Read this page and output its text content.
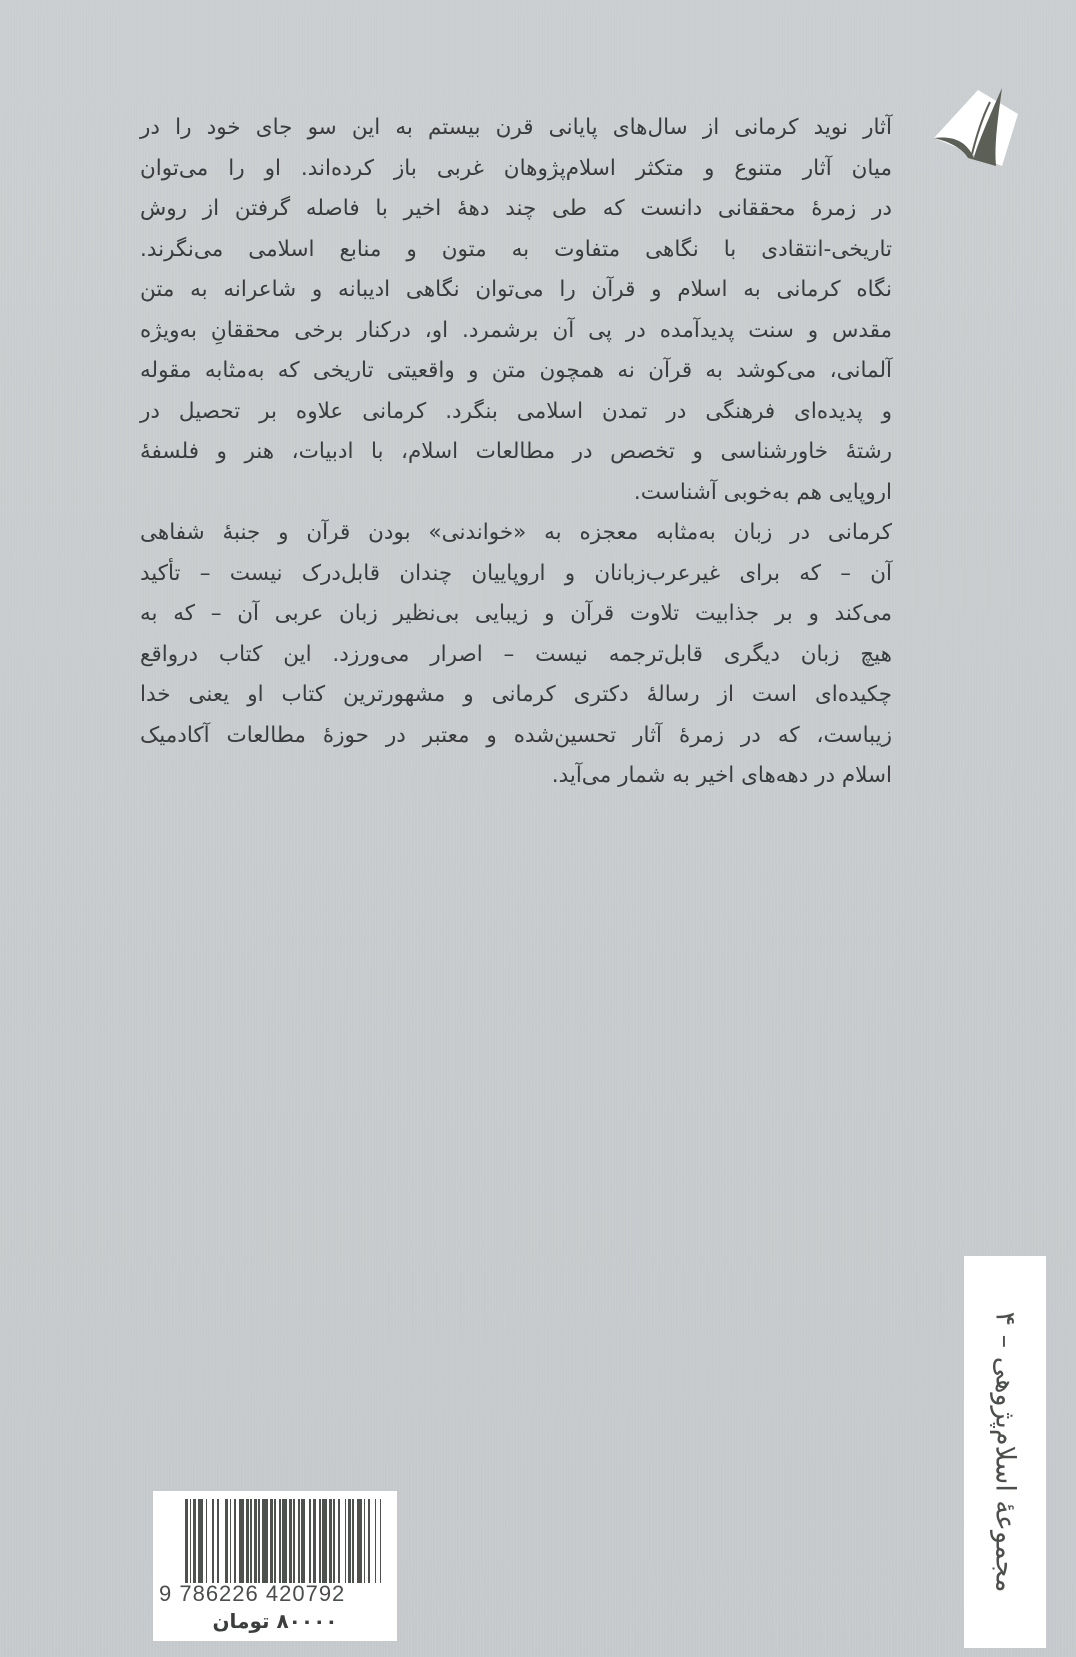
آثار نوید کرمانی از سال‌های پایانی قرن بیستم به این سو جای خود را در
میان آثار متنوع و متکثر اسلام‌پژوهان غربی باز کرده‌اند. او را می‌توان
در زمرهٔ محققانی دانست که طی چند دههٔ اخیر با فاصله گرفتن از روش
تاریخی-انتقادی با نگاهی متفاوت به متون و منابع اسلامی می‌نگرند.
نگاه کرمانی به اسلام و قرآن را می‌توان نگاهی ادیبانه و شاعرانه به متن
مقدس و سنت پدیدآمده در پی آن برشمرد. او، درکنار برخی محققانِ به‌ویژه
آلمانی، می‌کوشد به قرآن نه همچون متن و واقعیتی تاریخی که به‌مثابه مقوله
و پدیده‌ای فرهنگی در تمدن اسلامی بنگرد. کرمانی علاوه بر تحصیل در
رشتهٔ خاورشناسی و تخصص در مطالعات اسلام، با ادبیات، هنر و فلسفهٔ
اروپایی هم به‌خوبی آشناست.

کرمانی در زبان به‌مثابه معجزه به «خواندنی» بودن قرآن و جنبهٔ شفاهی
آن – که برای غیرعرب‌زبانان و اروپاییان چندان قابل‌درک نیست – تأکید
می‌کند و بر جذابیت تلاوت قرآن و زیبایی بی‌نظیر زبان عربی آن – که به
هیچ زبان دیگری قابل‌ترجمه نیست – اصرار می‌ورزد. این کتاب درواقع
چکیده‌ای است از رسالهٔ دکتری کرمانی و مشهورترین کتاب او یعنی خدا
زیباست، که در زمرهٔ آثار تحسین‌شده و معتبر در حوزهٔ مطالعات آکادمیک
اسلام در دهه‌های اخیر به شمار می‌آید.

9 786226 420792
۸۰۰۰۰ تومان
مجموعهٔ اسلام‌پژوهی – ۴
